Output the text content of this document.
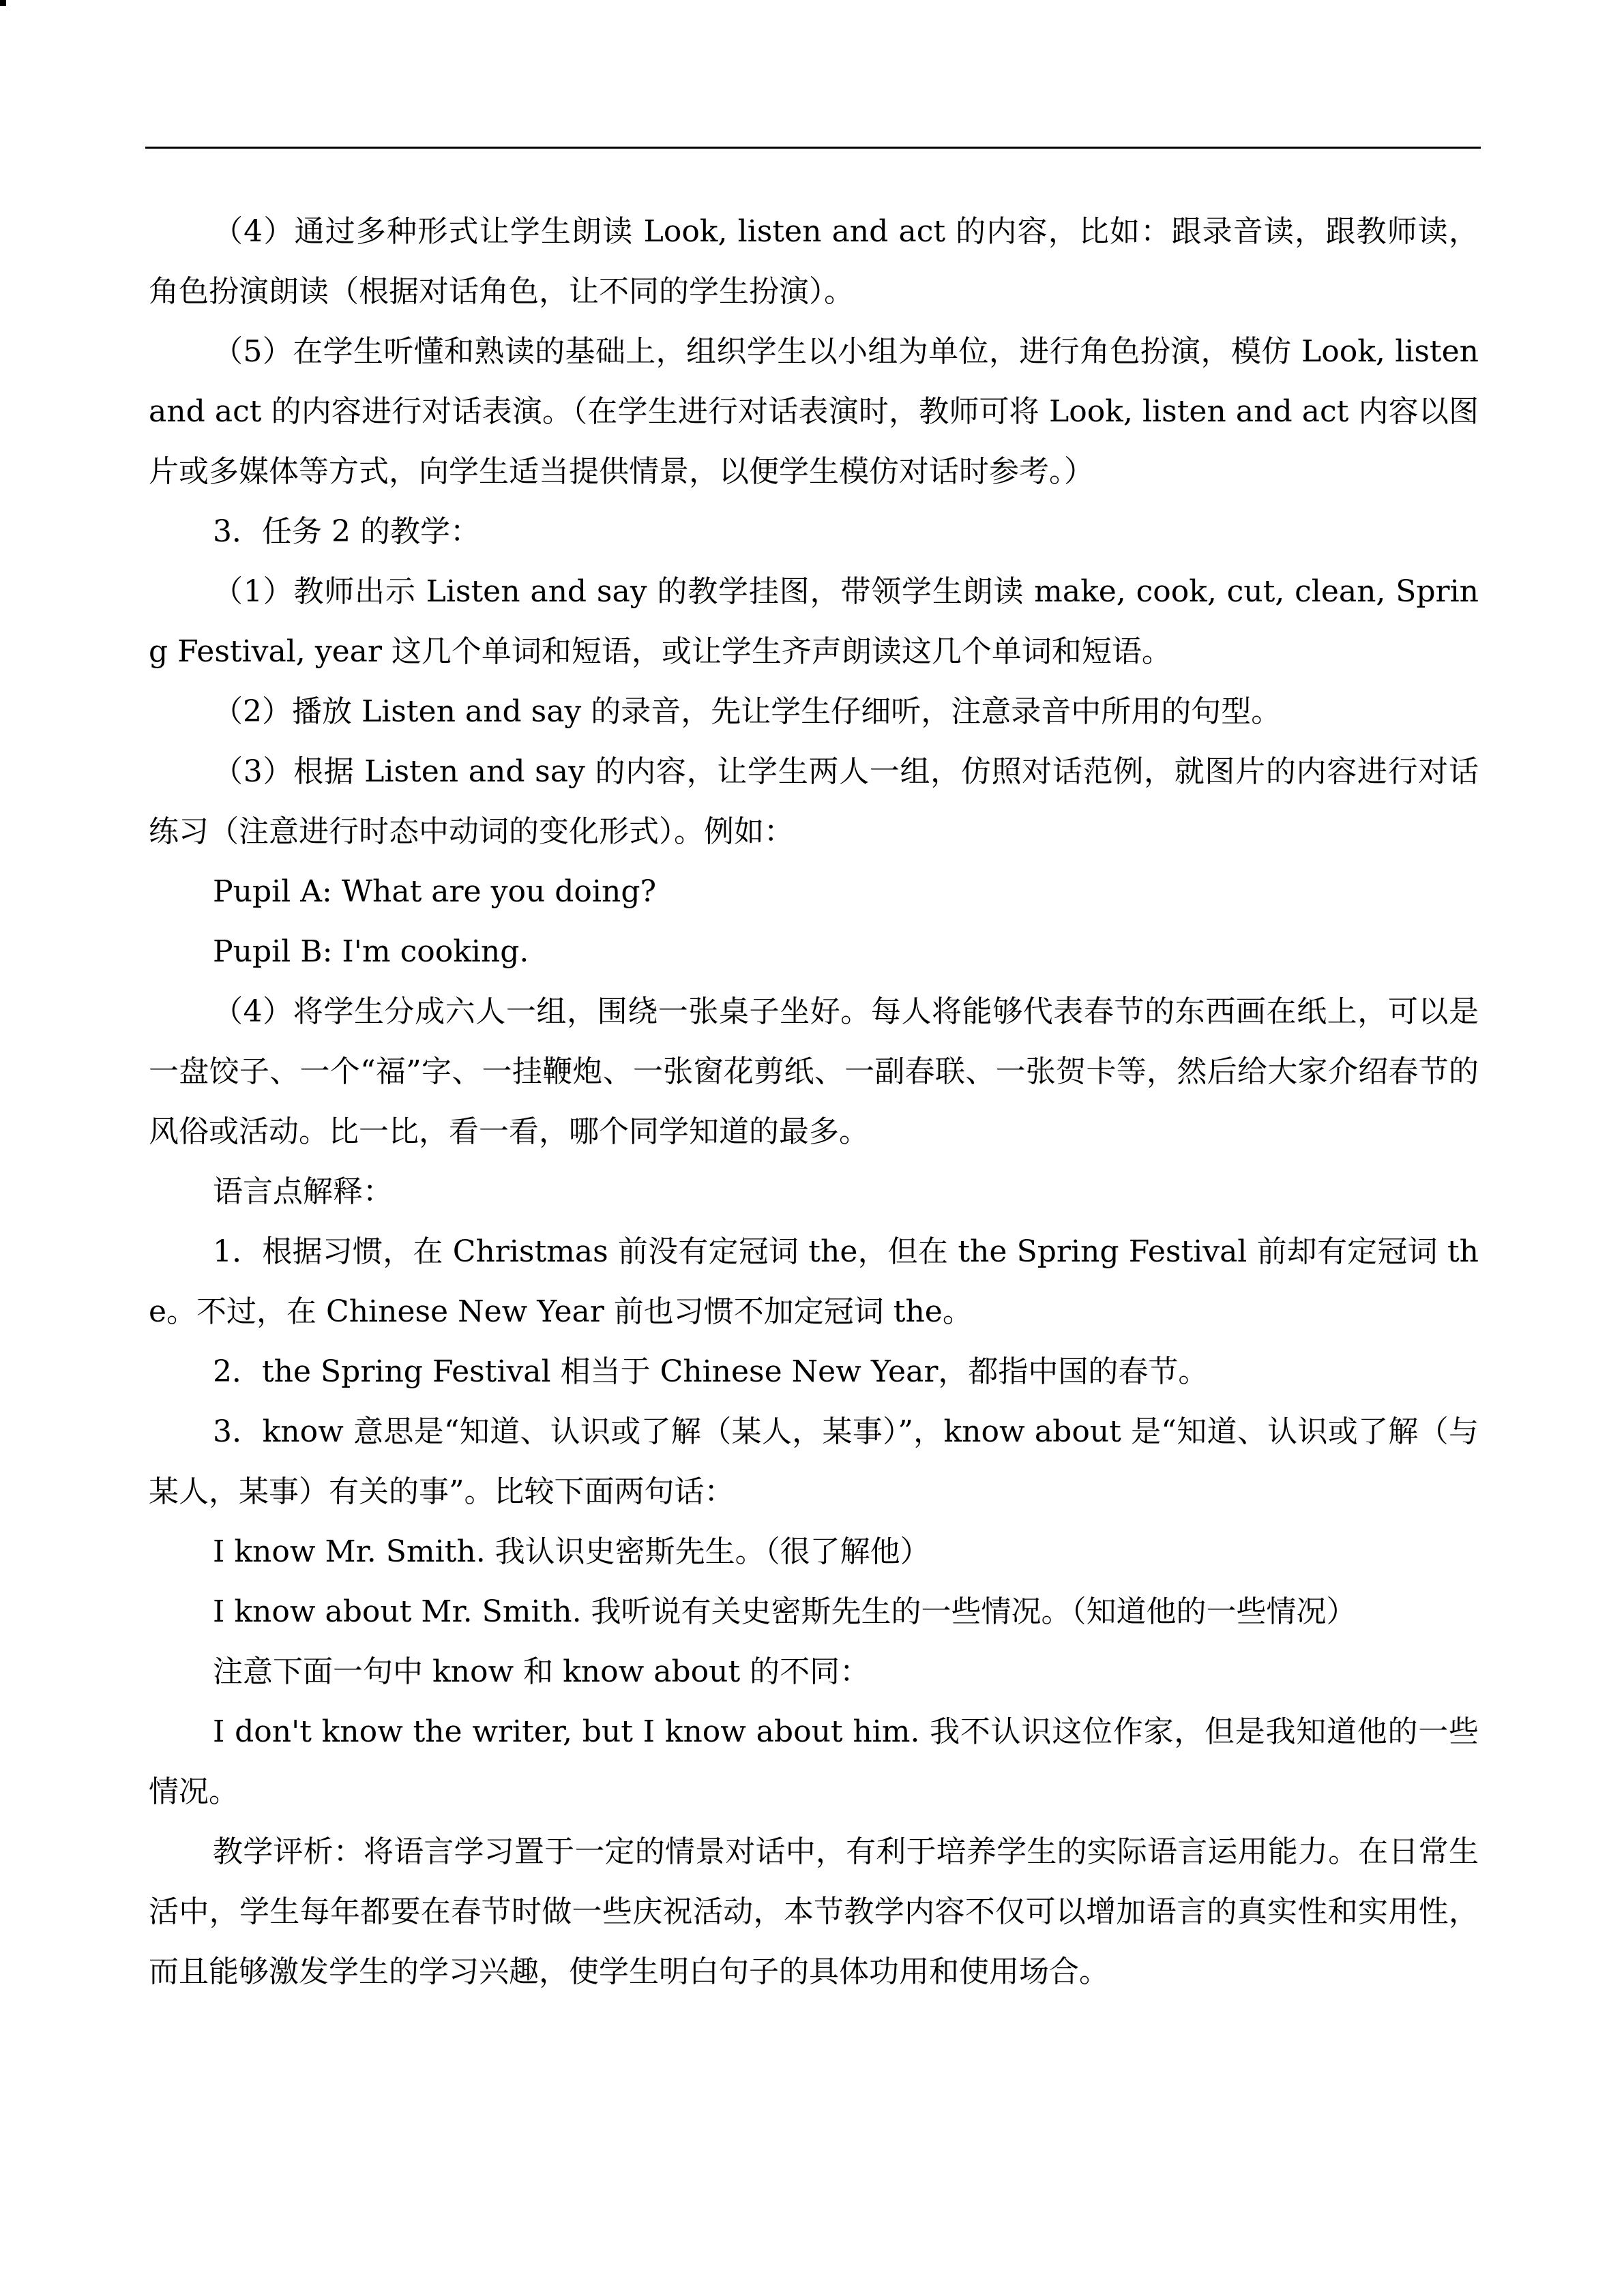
（4）通过多种形式让学生朗读 Look, listen and act 的内容，比如：跟录音读，跟教师读，角色扮演朗读（根据对话角色，让不同的学生扮演）。

（5）在学生听懂和熟读的基础上，组织学生以小组为单位，进行角色扮演，模仿 Look, listen and act 的内容进行对话表演。（在学生进行对话表演时，教师可将 Look, listen and act 内容以图片或多媒体等方式，向学生适当提供情景，以便学生模仿对话时参考。）

3．任务 2 的教学：

（1）教师出示 Listen and say 的教学挂图，带领学生朗读 make, cook, cut, clean, Spring Festival, year 这几个单词和短语，或让学生齐声朗读这几个单词和短语。

（2）播放 Listen and say 的录音，先让学生仔细听，注意录音中所用的句型。

（3）根据 Listen and say 的内容，让学生两人一组，仿照对话范例，就图片的内容进行对话练习（注意进行时态中动词的变化形式）。例如：

Pupil A: What are you doing?

Pupil B: I'm cooking.

（4）将学生分成六人一组，围绕一张桌子坐好。每人将能够代表春节的东西画在纸上，可以是一盘饺子、一个“福”字、一挂鞭炮、一张窗花剪纸、一副春联、一张贺卡等，然后给大家介绍春节的风俗或活动。比一比，看一看，哪个同学知道的最多。

语言点解释：

1．根据习惯，在 Christmas 前没有定冠词 the，但在 the Spring Festival 前却有定冠词 the。不过，在 Chinese New Year 前也习惯不加定冠词 the。

2．the Spring Festival 相当于 Chinese New Year，都指中国的春节。

3．know 意思是“知道、认识或了解（某人，某事）”，know about 是“知道、认识或了解（与某人，某事）有关的事”。比较下面两句话：

I know Mr. Smith. 我认识史密斯先生。（很了解他）

I know about Mr. Smith. 我听说有关史密斯先生的一些情况。（知道他的一些情况）

注意下面一句中 know 和 know about 的不同：

I don't know the writer, but I know about him. 我不认识这位作家，但是我知道他的一些情况。

教学评析：将语言学习置于一定的情景对话中，有利于培养学生的实际语言运用能力。在日常生活中，学生每年都要在春节时做一些庆祝活动，本节教学内容不仅可以增加语言的真实性和实用性，而且能够激发学生的学习兴趣，使学生明白句子的具体功用和使用场合。
